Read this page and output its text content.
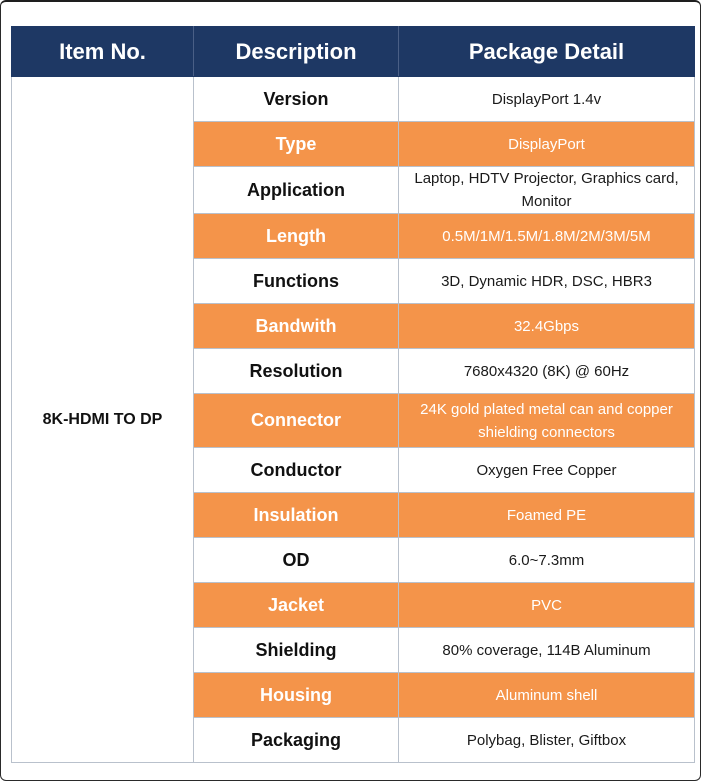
Item No.	Description	Package Detail
8K-HDMI TO DP	Version	DisplayPort 1.4v
	Type	DisplayPort
	Application	Laptop, HDTV Projector, Graphics card, Monitor
	Length	0.5M/1M/1.5M/1.8M/2M/3M/5M
	Functions	3D, Dynamic HDR, DSC, HBR3
	Bandwith	32.4Gbps
	Resolution	7680x4320 (8K) @ 60Hz
	Connector	24K gold plated metal can and copper shielding connectors
	Conductor	Oxygen Free Copper
	Insulation	Foamed PE
	OD	6.0~7.3mm
	Jacket	PVC
	Shielding	80% coverage, 114B Aluminum
	Housing	Aluminum shell
	Packaging	Polybag, Blister, Giftbox
